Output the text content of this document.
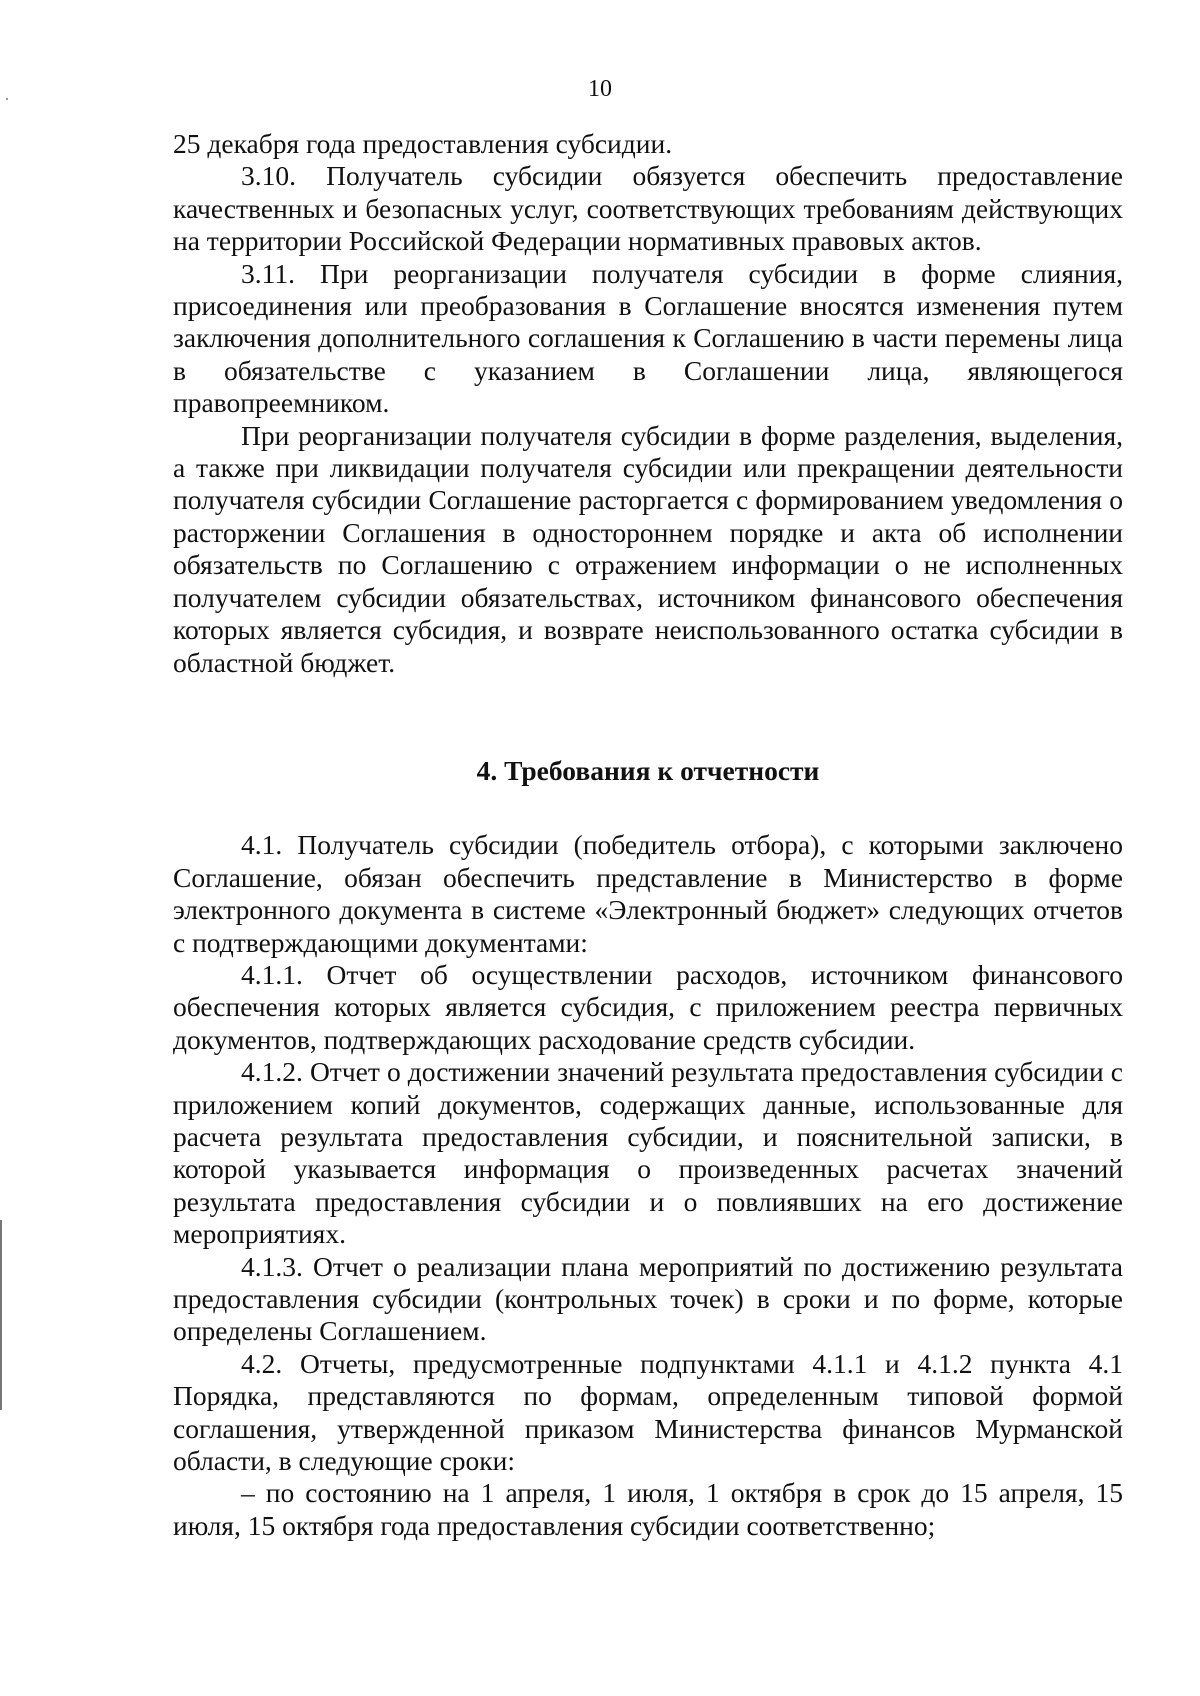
10

25 декабря года предоставления субсидии.

3.10. Получатель субсидии обязуется обеспечить предоставление качественных и безопасных услуг, соответствующих требованиям действующих на территории Российской Федерации нормативных правовых актов.

3.11. При реорганизации получателя субсидии в форме слияния, присоединения или преобразования в Соглашение вносятся изменения путем заключения дополнительного соглашения к Соглашению в части перемены лица в обязательстве с указанием в Соглашении лица, являющегося правопреемником.

При реорганизации получателя субсидии в форме разделения, выделения, а также при ликвидации получателя субсидии или прекращении деятельности получателя субсидии Соглашение расторгается с формированием уведомления о расторжении Соглашения в одностороннем порядке и акта об исполнении обязательств по Соглашению с отражением информации о не исполненных получателем субсидии обязательствах, источником финансового обеспечения которых является субсидия, и возврате неиспользованного остатка субсидии в областной бюджет.

4. Требования к отчетности

4.1. Получатель субсидии (победитель отбора), с которыми заключено Соглашение, обязан обеспечить представление в Министерство в форме электронного документа в системе «Электронный бюджет» следующих отчетов с подтверждающими документами:

4.1.1. Отчет об осуществлении расходов, источником финансового обеспечения которых является субсидия, с приложением реестра первичных документов, подтверждающих расходование средств субсидии.

4.1.2. Отчет о достижении значений результата предоставления субсидии с приложением копий документов, содержащих данные, использованные для расчета результата предоставления субсидии, и пояснительной записки, в которой указывается информация о произведенных расчетах значений результата предоставления субсидии и о повлиявших на его достижение мероприятиях.

4.1.3. Отчет о реализации плана мероприятий по достижению результата предоставления субсидии (контрольных точек) в сроки и по форме, которые определены Соглашением.

4.2. Отчеты, предусмотренные подпунктами 4.1.1 и 4.1.2 пункта 4.1 Порядка, представляются по формам, определенным типовой формой соглашения, утвержденной приказом Министерства финансов Мурманской области, в следующие сроки:

– по состоянию на 1 апреля, 1 июля, 1 октября в срок до 15 апреля, 15 июля, 15 октября года предоставления субсидии соответственно;
